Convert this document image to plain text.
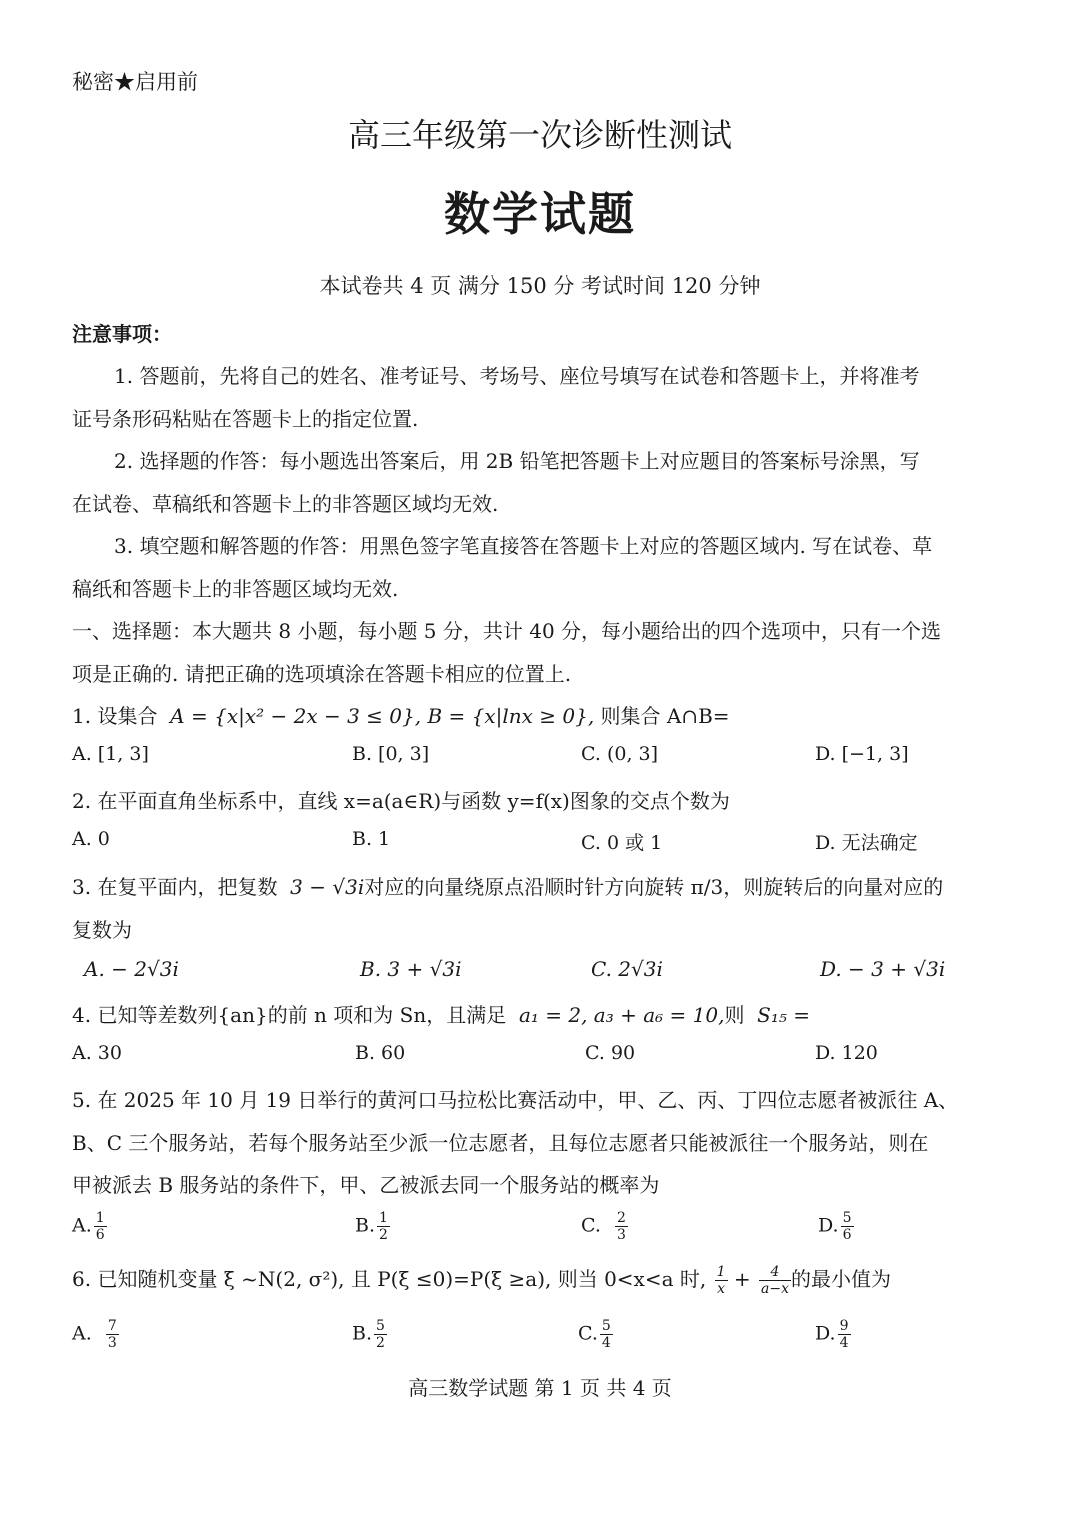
秘密★启用前
高三年级第一次诊断性测试
数学试题
本试卷共 4 页 满分 150 分 考试时间 120 分钟
注意事项：
1. 答题前，先将自己的姓名、准考证号、考场号、座位号填写在试卷和答题卡上，并将准考
证号条形码粘贴在答题卡上的指定位置.
2. 选择题的作答：每小题选出答案后，用 2B 铅笔把答题卡上对应题目的答案标号涂黑，写
在试卷、草稿纸和答题卡上的非答题区域均无效.
3. 填空题和解答题的作答：用黑色签字笔直接答在答题卡上对应的答题区域内. 写在试卷、草
稿纸和答题卡上的非答题区域均无效.
一、选择题：本大题共 8 小题，每小题 5 分，共计 40 分，每小题给出的四个选项中，只有一个选
项是正确的. 请把正确的选项填涂在答题卡相应的位置上.
1. 设集合 A = {x|x² − 2x − 3 ≤ 0}, B = {x|lnx ≥ 0}, 则集合 A∩B=
A. [1, 3]	B. [0, 3]	C. (0, 3]	D. [−1, 3]
2. 在平面直角坐标系中，直线 x=a(a∈R)与函数 y=f(x)图象的交点个数为
A. 0	B. 1	C. 0 或 1	D. 无法确定
3. 在复平面内，把复数 3 − √3i对应的向量绕原点沿顺时针方向旋转 π/3，则旋转后的向量对应的
复数为
A. − 2√3i	B. 3 + √3i	C. 2√3i	D. − 3 + √3i
4. 已知等差数列{an}的前 n 项和为 Sn，且满足 a₁ = 2, a₃ + a₆ = 10,则 S₁₅ =
A. 30	B. 60	C. 90	D. 120
5. 在 2025 年 10 月 19 日举行的黄河口马拉松比赛活动中，甲、乙、丙、丁四位志愿者被派往 A、
B、C 三个服务站，若每个服务站至少派一位志愿者，且每位志愿者只能被派往一个服务站，则在
甲被派去 B 服务站的条件下，甲、乙被派去同一个服务站的概率为
A. $\frac{1}{6}$	B. $\frac{1}{2}$	C. $\frac{2}{3}$	D. $\frac{5}{6}$
6. 已知随机变量 ξ ~N(2, σ²), 且 P(ξ ≤0)=P(ξ ≥a), 则当 0<x<a 时, $\frac{1}{x} + \frac{4}{a-x}$ 的最小值为
A. $\frac{7}{3}$	B. $\frac{5}{2}$	C. $\frac{5}{4}$	D. $\frac{9}{4}$
高三数学试题 第 1 页 共 4 页
